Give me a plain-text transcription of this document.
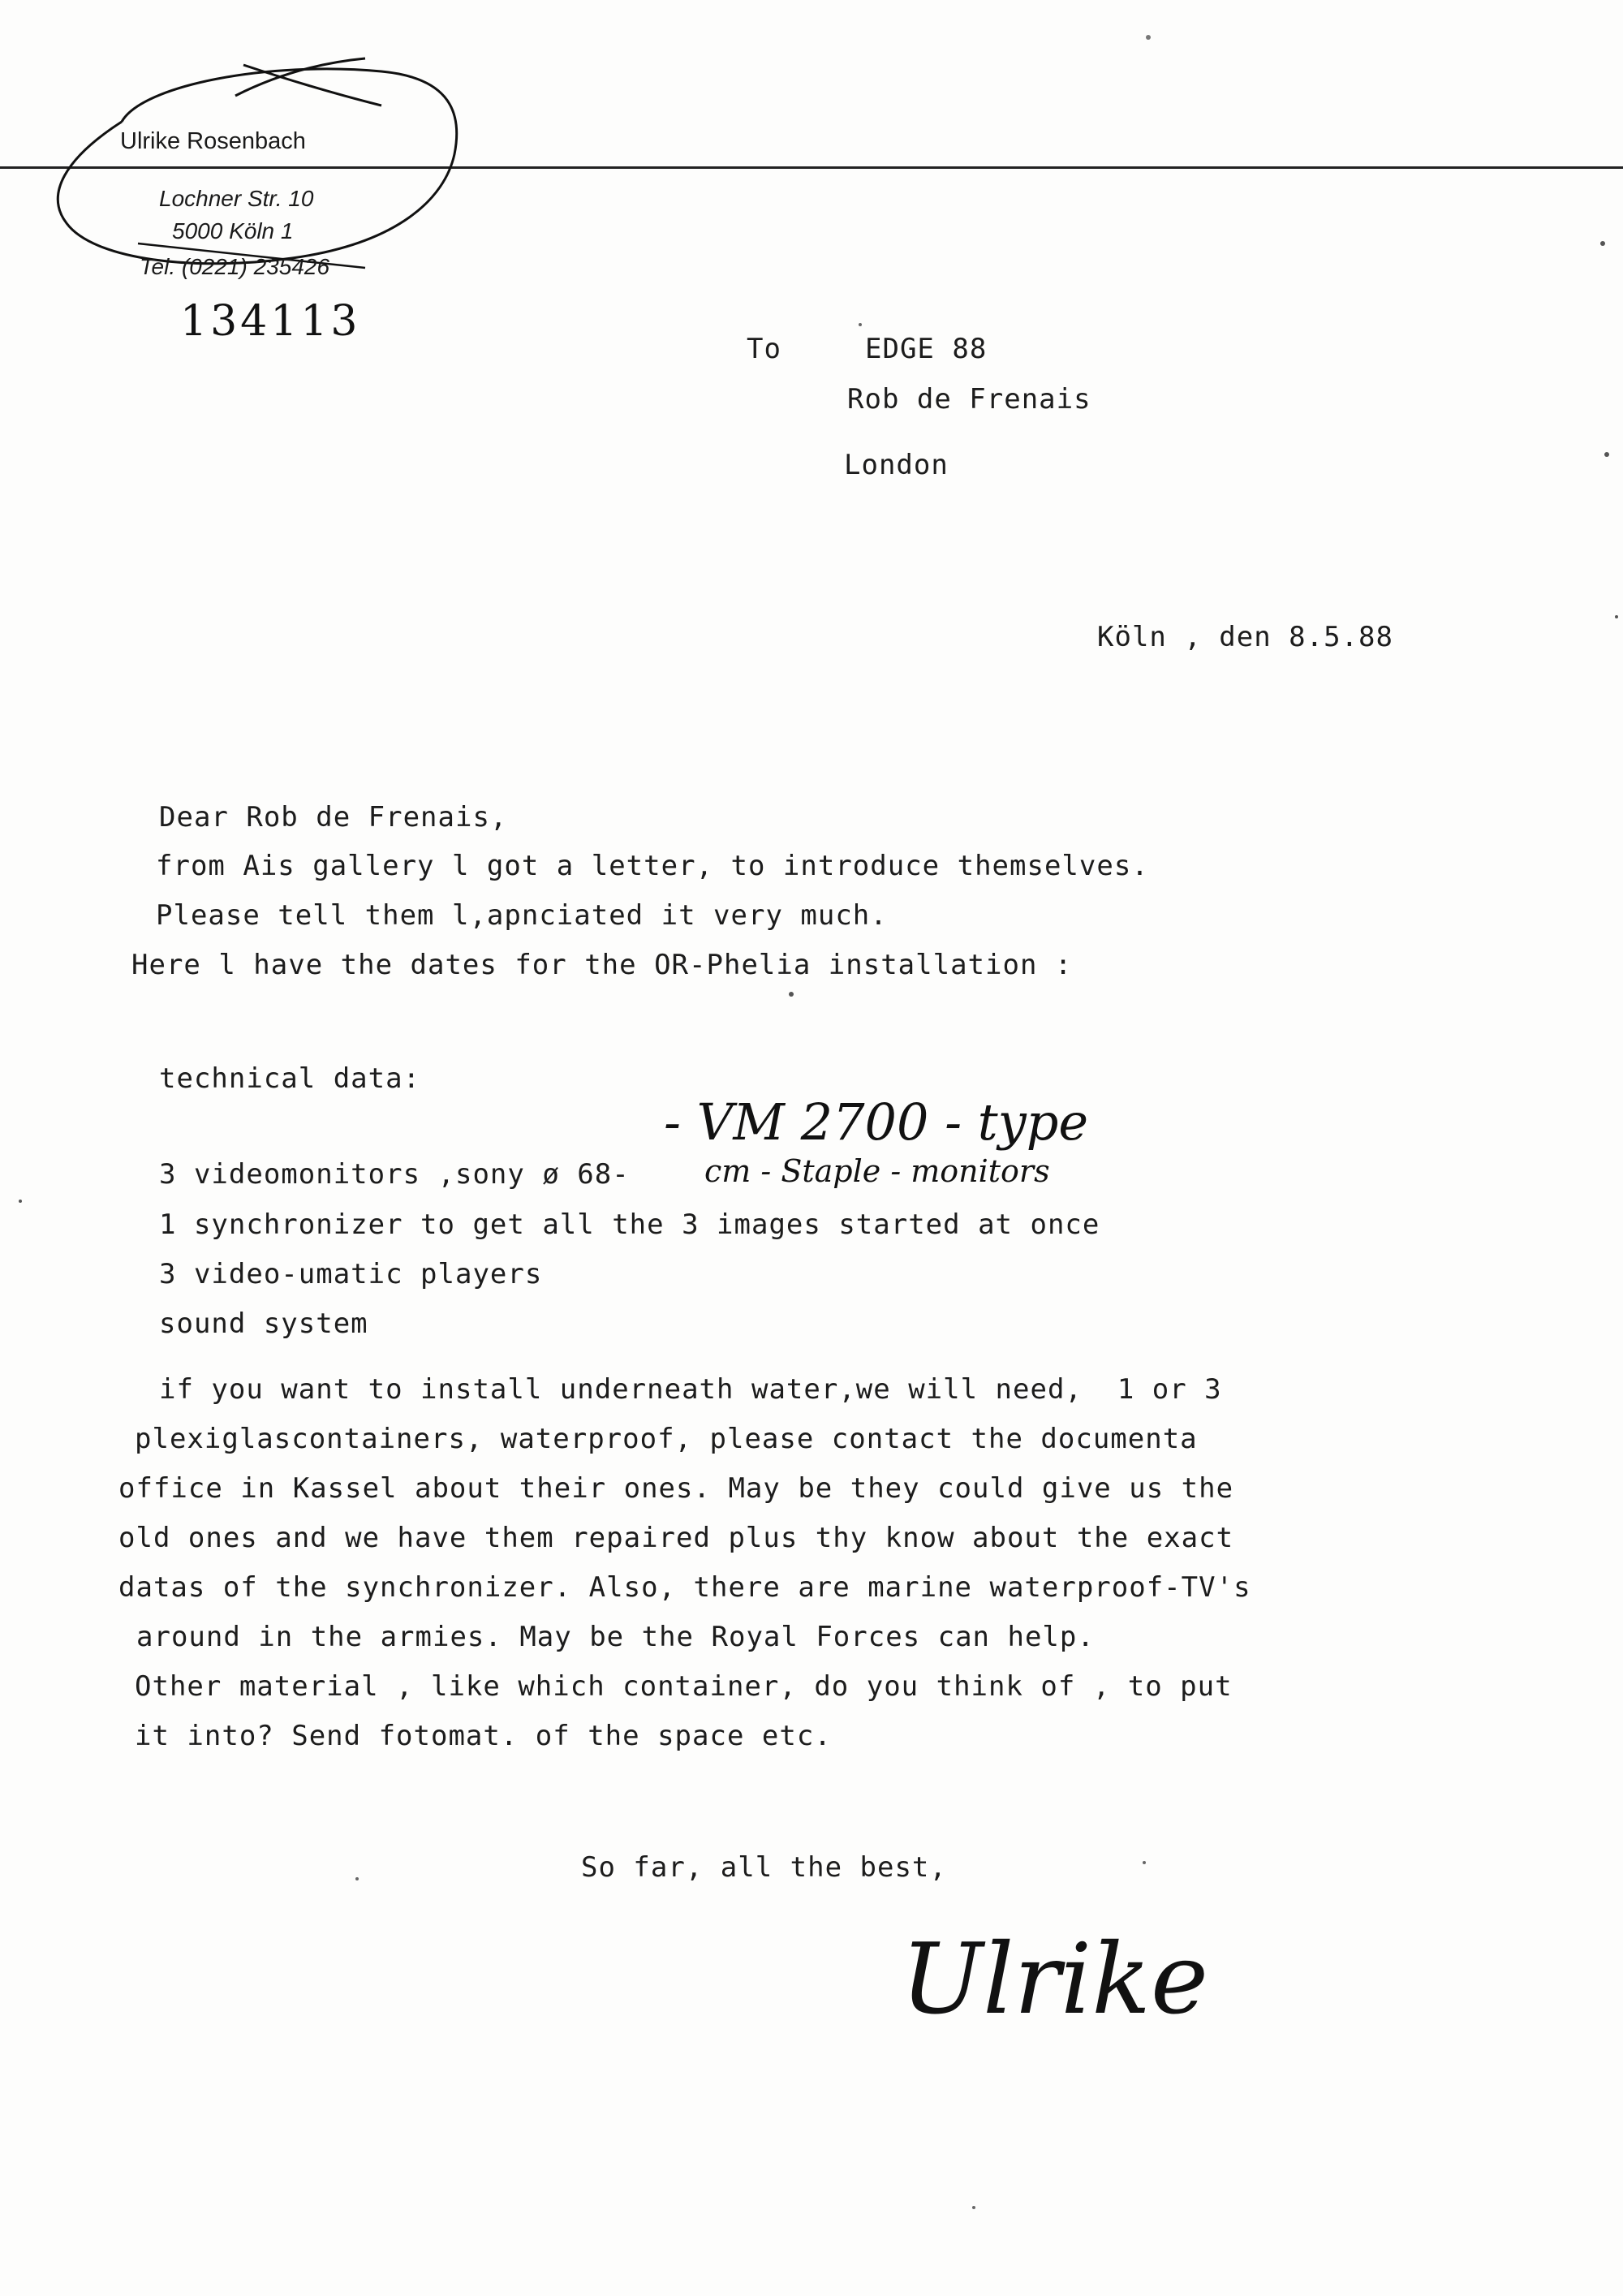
Ulrike Rosenbach
Lochner Str. 10
5000 Köln 1
Tel. (0221) 235426
134113
To	EDGE 88
Rob de Frenais
London
Köln , den 8.5.88
Dear Rob de Frenais,
from Ais gallery l got a letter, to introduce themselves.
Please tell them l,apnciated it very much.
Here l have the dates for the OR-Phelia installation :
technical data:
- VM 2700 - type
3 videomonitors ,sony ø 68- cm - Staple - monitors
1 synchronizer to get all the 3 images started at once
3 video-umatic players
sound system
if you want to install underneath water,we will need,  1 or 3
plexiglascontainers, waterproof, please contact the documenta
office in Kassel about their ones. May be they could give us the
old ones and we have them repaired plus thy know about the exact
datas of the synchronizer. Also, there are marine waterproof-TV's
around in the armies. May be the Royal Forces can help.
Other material , like which container, do you think of , to put
it into? Send fotomat. of the space etc.
So far, all the best,
Ulrike
